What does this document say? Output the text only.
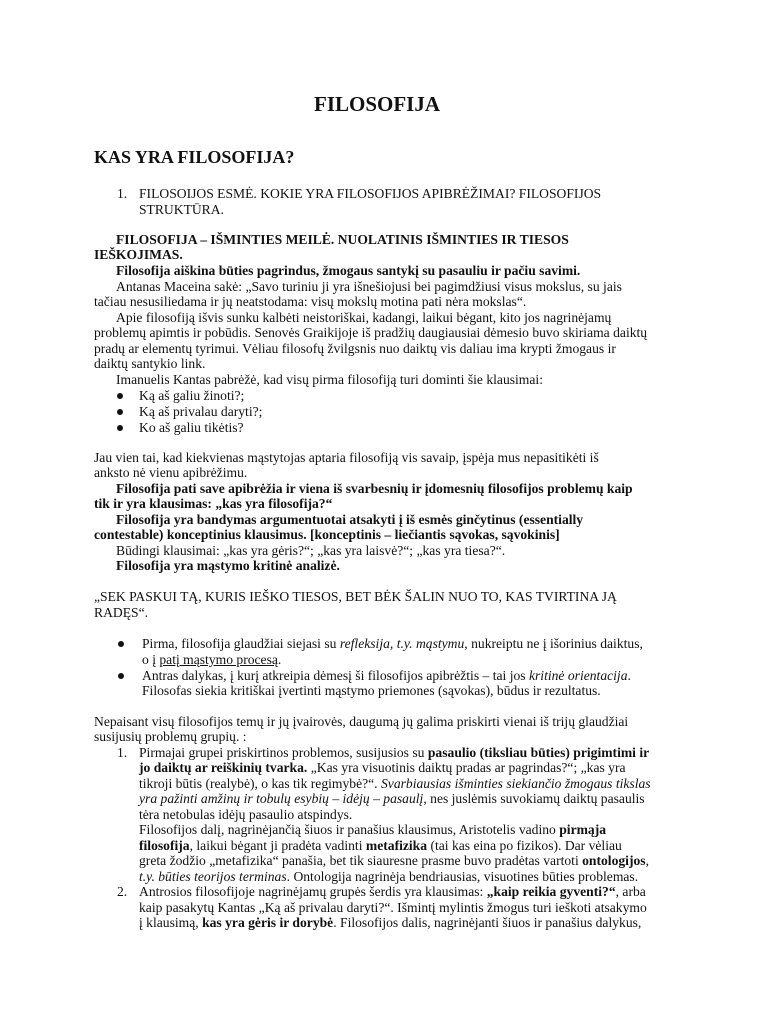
FILOSOFIJA
KAS YRA FILOSOFIJA?
1. FILOSOIJOS ESMĖ. KOKIE YRA FILOSOFIJOS APIBRĖŽIMAI? FILOSOFIJOS
STRUKTŪRA.
FILOSOFIJA – IŠMINTIES MEILĖ. NUOLATINIS IŠMINTIES IR TIESOS
IEŠKOJIMAS.
Filosofija aiškina būties pagrindus, žmogaus santykį su pasauliu ir pačiu savimi.
Antanas Maceina sakė: „Savo turiniu ji yra išnešiojusi bei pagimdžiusi visus mokslus, su jais
tačiau nesusiliedama ir jų neatstodama: visų mokslų motina pati nėra mokslas“.
Apie filosofiją išvis sunku kalbėti neistoriškai, kadangi, laikui bėgant, kito jos nagrinėjamų
problemų apimtis ir pobūdis. Senovės Graikijoje iš pradžių daugiausiai dėmesio buvo skiriama daiktų
pradų ar elementų tyrimui. Vėliau filosofų žvilgsnis nuo daiktų vis daliau ima krypti žmogaus ir
daiktų santykio link.
Imanuelis Kantas pabrėžė, kad visų pirma filosofiją turi dominti šie klausimai:
Ką aš galiu žinoti?;
Ką aš privalau daryti?;
Ko aš galiu tikėtis?
Jau vien tai, kad kiekvienas mąstytojas aptaria filosofiją vis savaip, įspėja mus nepasitikėti iš
anksto nė vienu apibrėžimu.
Filosofija pati save apibrėžia ir viena iš svarbesnių ir įdomesnių filosofijos problemų kaip
tik ir yra klausimas: „kas yra filosofija?“
Filosofija yra bandymas argumentuotai atsakyti į iš esmės ginčytinus (essentially
contestable) konceptinius klausimus. [konceptinis – liečiantis sąvokas, sąvokinis]
Būdingi klausimai: „kas yra gėris?“; „kas yra laisvė?“; „kas yra tiesa?“.
Filosofija yra mąstymo kritinė analizė.
„SEK PASKUI TĄ, KURIS IEŠKO TIESOS, BET BĖK ŠALIN NUO TO, KAS TVIRTINA JĄ
RADĘS“.
Pirma, filosofija glaudžiai siejasi su refleksija, t.y. mąstymu, nukreiptu ne į išorinius daiktus,
o į patį mąstymo procesą.
Antras dalykas, į kurį atkreipia dėmesį ši filosofijos apibrėžtis – tai jos kritinė orientacija.
Filosofas siekia kritiškai įvertinti mąstymo priemones (sąvokas), būdus ir rezultatus.
Nepaisant visų filosofijos temų ir jų įvairovės, daugumą jų galima priskirti vienai iš trijų glaudžiai
susijusių problemų grupių. :
1. Pirmajai grupei priskirtinos problemos, susijusios su pasaulio (tiksliau būties) prigimtimi ir
jo daiktų ar reiškinių tvarka. „Kas yra visuotinis daiktų pradas ar pagrindas?“; „kas yra
tikroji būtis (realybė), o kas tik regimybė?“. Svarbiausias išminties siekiančio žmogaus tikslas
yra pažinti amžinų ir tobulų esybių – idėjų – pasaulį, nes juslėmis suvokiamų daiktų pasaulis
tėra netobulas idėjų pasaulio atspindys.
Filosofijos dalį, nagrinėjančią šiuos ir panašius klausimus, Aristotelis vadino pirmąja
filosofija, laikui bėgant ji pradėta vadinti metafizika (tai kas eina po fizikos). Dar vėliau
greta žodžio „metafizika“ panašia, bet tik siauresne prasme buvo pradėtas vartoti ontologijos,
t.y. būties teorijos terminas. Ontologija nagrinėja bendriausias, visuotines būties problemas.
2. Antrosios filosofijoje nagrinėjamų grupės šerdis yra klausimas: „kaip reikia gyventi?“, arba
kaip pasakytų Kantas „Ką aš privalau daryti?“. Išmintį mylintis žmogus turi ieškoti atsakymo
į klausimą, kas yra gėris ir dorybė. Filosofijos dalis, nagrinėjanti šiuos ir panašius dalykus,
